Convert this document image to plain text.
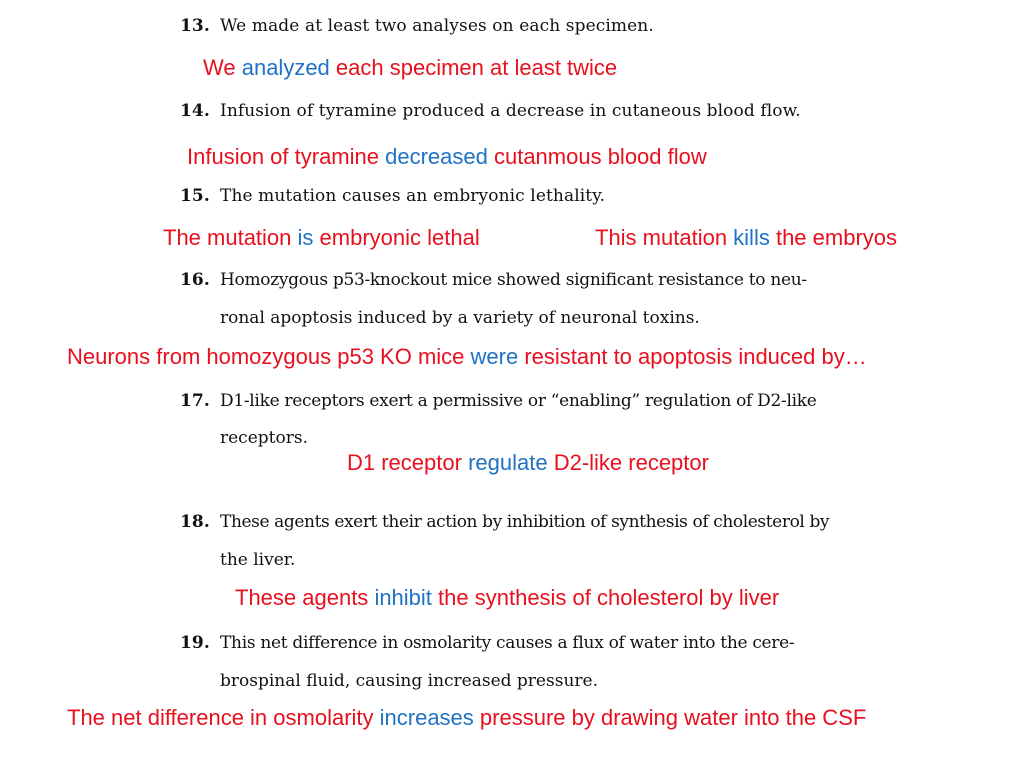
13. We made at least two analyses on each specimen.
We analyzed each specimen at least twice
14. Infusion of tyramine produced a decrease in cutaneous blood flow.
Infusion of tyramine decreased cutanmous blood flow
15. The mutation causes an embryonic lethality.
The mutation is embryonic lethal	This mutation kills the embryos
16. Homozygous p53-knockout mice showed significant resistance to neu-
ronal apoptosis induced by a variety of neuronal toxins.
Neurons from homozygous p53 KO mice were resistant to apoptosis induced by…
17. D1-like receptors exert a permissive or “enabling” regulation of D2-like
receptors.
D1 receptor regulate D2-like receptor
18. These agents exert their action by inhibition of synthesis of cholesterol by
the liver.
These agents inhibit the synthesis of cholesterol by liver
19. This net difference in osmolarity causes a flux of water into the cere-
brospinal fluid, causing increased pressure.
The net difference in osmolarity increases pressure by drawing water into the CSF
